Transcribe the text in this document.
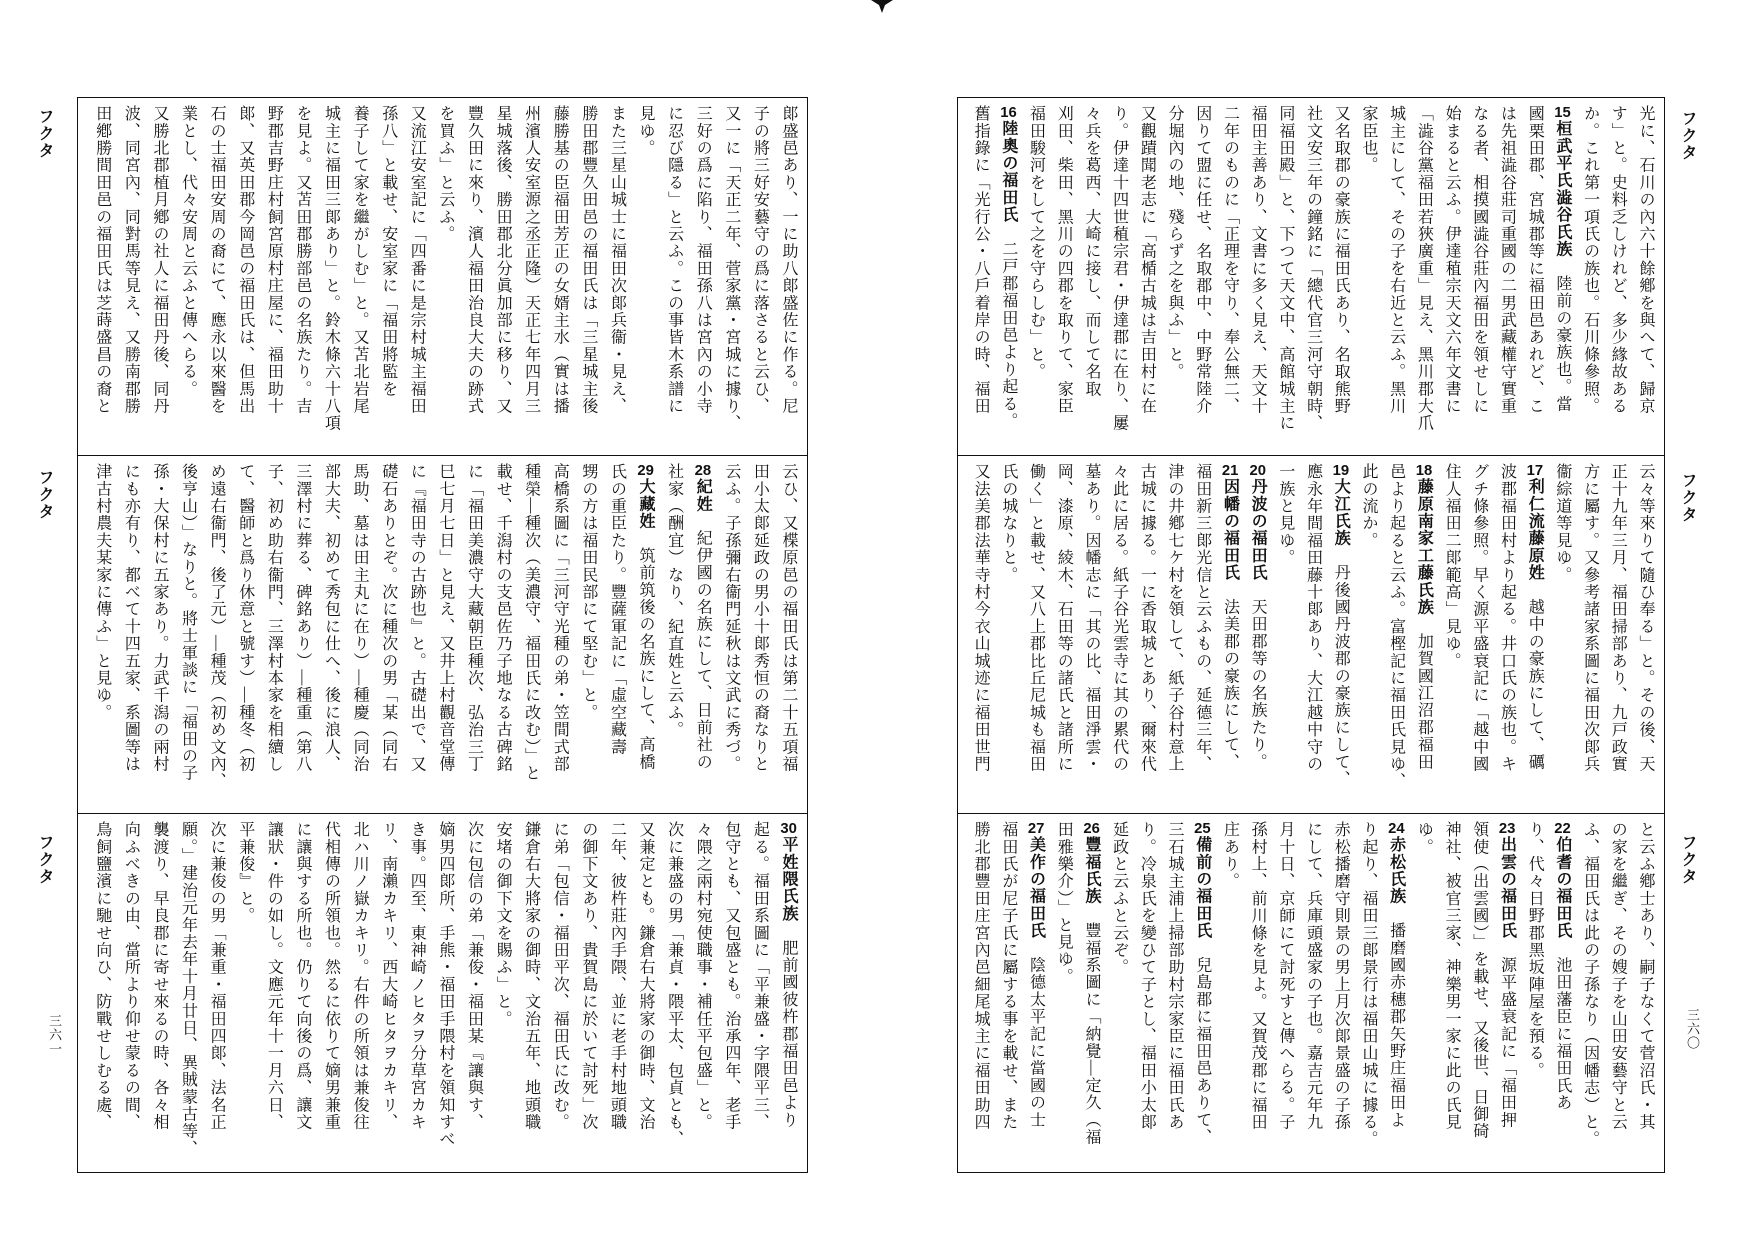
光に、石川の內六十餘鄕を與へて、歸京
す」と。史料乏しけれど、多少緣故ある
か。これ第一項氏の族也。石川條參照。
15桓武平氏澁谷氏族　陸前の豪族也。當
國栗田郡、宮城郡等に福田邑あれど、こ
は先祖澁谷莊司重國の二男武藏權守實重
なる者、相摸國澁谷莊內福田を領せしに
始まると云ふ。伊達稙宗天文六年文書に
「澁谷黨福田若狹廣重」見え、黑川郡大爪
城主にして、その子を右近と云ふ。黑川
家臣也。
又名取郡の豪族に福田氏あり、名取熊野
社文安三年の鐘銘に「總代官三河守朝時、
同福田殿」と、下つて天文中、高館城主に
福田主善あり、文書に多く見え、天文十
二年のものに「正理を守り、奉公無二、
因りて盟に任せ、名取郡中、中野常陸介
分堀內の地、殘らず之を與ふ」と。
又觀蹟聞老志に「高楯古城は吉田村に在
り。伊達十四世稙宗君・伊達郡に在り、屢
々兵を葛西、大崎に接し、而して名取
刈田、柴田、黑川の四郡を取りて、家臣
福田駿河をして之を守らしむ」と。
16陸奧の福田氏　二戸郡福田邑より起る。
舊指錄に「光行公・八戶着岸の時、福田
云々等來りて隨ひ奉る」と。その後、天
正十九年三月、福田掃部あり、九戸政實
方に屬す。又參考諸家系圖に福田次郞兵
衞綜道等見ゆ。
17利仁流藤原姓　越中の豪族にして、礪
波郡福田村より起る。井口氏の族也。キ
グチ條參照。早く源平盛衰記に「越中國
住人福田二郞範高」見ゆ。
18藤原南家工藤氏族　加賀國江沼郡福田
邑より起ると云ふ。富樫記に福田氏見ゆ、
此の流か。
19大江氏族　丹後國丹波郡の豪族にして、
應永年間福田藤十郞あり、大江越中守の
一族と見ゆ。
20丹波の福田氏　天田郡等の名族たり。
21因幡の福田氏　法美郡の豪族にして、
福田新三郞光信と云ふもの、延德三年、
津の井鄕七ケ村を領して、紙子谷村意上
古城に據る。一に香取城とあり、爾來代
々此に居る。紙子谷光雲寺に其の累代の
墓あり。因幡志に「其の比、福田淨雲・
岡、漆原、綾木、石田等の諸氏と諸所に
働く」と載せ、又八上郡比丘尼城も福田
氏の城なりと。
又法美郡法華寺村今衣山城迹に福田世門
と云ふ鄕士あり、嗣子なくて菅沼氏・其
の家を繼ぎ、その嫂子を山田安藝守と云
ふ、福田氏は此の子孫なり（因幡志）と。
22伯耆の福田氏　池田藩臣に福田氏あ
り、代々日野郡黑坂陣屋を預る。
23出雲の福田氏　源平盛衰記に「福田押
領使（出雲國）」を載せ、又後世、日御碕
神社、被官三家、神樂男一家に此の氏見
ゆ。
24赤松氏族　播磨國赤穗郡矢野庄福田よ
り起り、福田三郞景行は福田山城に據る。
赤松播磨守則景の男上月次郞景盛の子孫
にして、兵庫頭盛家の子也。嘉吉元年九
月十日、京師にて討死すと傳へらる。子
孫村上、前川條を見よ。又賀茂郡に福田
庄あり。
25備前の福田氏　兒島郡に福田邑ありて、
三石城主浦上掃部助村宗家臣に福田氏あ
り。冷泉氏を變ひて子とし、福田小太郞
延政と云ふと云ぞ。
26豐福氏族　豐福系圖に「納覺―定久（福
田雅樂介）」と見ゆ。
27美作の福田氏　陰德太平記に當國の士
福田氏が尼子氏に屬する事を載せ、また
勝北郡豐田庄宮內邑細尾城主に福田助四
フクタ
フクタ
フクタ
三六〇
郞盛邑あり、一に助八郞盛佐に作る。尼
子の將三好安藝守の爲に落さると云ひ、
又一に「天正二年、菅家黨・宮城に據り、
三好の爲に陷り、福田孫八は宮內の小寺
に忍び隱る」と云ふ。この事皆木系譜に
見ゆ。
また三星山城士に福田次郞兵衞・見え、
勝田郡豐久田邑の福田氏は「三星城主後
藤勝基の臣福田芳正の女婿主水（實は播
州濱人安室源之丞正隆）天正七年四月三
星城落後、勝田郡北分眞加部に移り、又
豐久田に來り、濱人福田治良大夫の跡式
を買ふ」と云ふ。
又流江安室記に「四番に是宗村城主福田
孫八」と載せ、安室家に「福田將監を
養子して家を繼がしむ」と。又苫北岩尾
城主に福田三郞あり」と。鈴木條六十八項
を見よ。又苫田郡勝部邑の名族たり。吉
野郡吉野庄村飼宮原村庄屋に、福田助十
郞、又英田郡今岡邑の福田氏は、但馬出
石の士福田安周の裔にて、應永以來醫を
業とし、代々安周と云ふと傳へらる。
又勝北郡植月鄕の社人に福田丹後、同丹
波、同宮內、同對馬等見え、又勝南郡勝
田鄕勝間田邑の福田氏は芝蒔盛昌の裔と
云ひ、又楪原邑の福田氏は第二十五項福
田小太郞延政の男小十郞秀恒の裔なりと
云ふ。子孫彌右衞門延秋は文武に秀づ。
28紀姓　紀伊國の名族にして、日前社の
社家（酬宜）なり、紀直姓と云ふ。
29大藏姓　筑前筑後の名族にして、高橋
氏の重臣たり。豐薩軍記に「虛空藏壽
甥の方は福田民部にて堅む」と。
高橋系圖に「三河守光種の弟・笠間式部
種榮―種次（美濃守、福田氏に改む）」と
載せ、千潟村の支邑佐乃子地なる古碑銘
に「福田美濃守大藏朝臣種次、弘治三丁
巳七月七日」と見え、又井上村觀音堂傳
に『福田寺の古跡也』と。古礎出で、又
礎石ありとぞ。次に種次の男「某（同右
馬助、墓は田主丸に在り）―種慶（同治
部大夫、初めて秀包に仕へ、後に浪人、
三澤村に葬る、碑銘あり）―種重（第八
子、初め助右衞門、三澤村本家を相續し
て、醫師と爲り休意と號す）―種冬（初
め遠右衞門、後了元）―種茂（初め文內、
後亨山）」なりと。將士軍談に「福田の子
孫・大保村に五家あり。力武千潟の兩村
にも亦有り、都べて十四五家、系圖等は
津古村農夫某家に傳ふ」と見ゆ。
30平姓隈氏族　肥前國彼杵郡福田邑より
起る。福田系圖に「平兼盛・字隈平三、
包守とも、又包盛とも。治承四年、老手
々隈之兩村宛使職事・補任平包盛」と。
次に兼盛の男「兼貞・隈平太、包貞とも、
又兼定とも。鎌倉右大將家の御時、文治
二年、彼杵莊內手隈、並に老手村地頭職
の御下文あり、貴賀島に於いて討死」次
に弟「包信・福田平次、福田氏に改む。
鎌倉右大將家の御時、文治五年、地頭職
安堵の御下文を賜ふ」と。
次に包信の弟「兼俊・福田某『讓與す、
嫡男四郞所、手熊・福田手隈村を領知すべ
き事。四至、東神崎ノヒタヲ分草宮カキ
リ、南瀨カキリ、西大崎ヒタヲカキリ、
北ハ川ノ嶽カキリ。右件の所領は兼俊往
代相傳の所領也。然るに依りて嫡男兼重
に讓與する所也。仍りて向後の爲、讓文
讓狀・件の如し。文應元年十一月六日、
平兼俊』と。
次に兼俊の男「兼重・福田四郞、法名正
願。」建治元年去年十月廿日、異賊蒙古等、
襲渡り、早良郡に寄せ來るの時、各々相
向ふべきの由、當所より仰せ蒙るの間、
鳥飼鹽濱に馳せ向ひ、防戰せしむる處、
フクタ
フクタ
フクタ
三六一
